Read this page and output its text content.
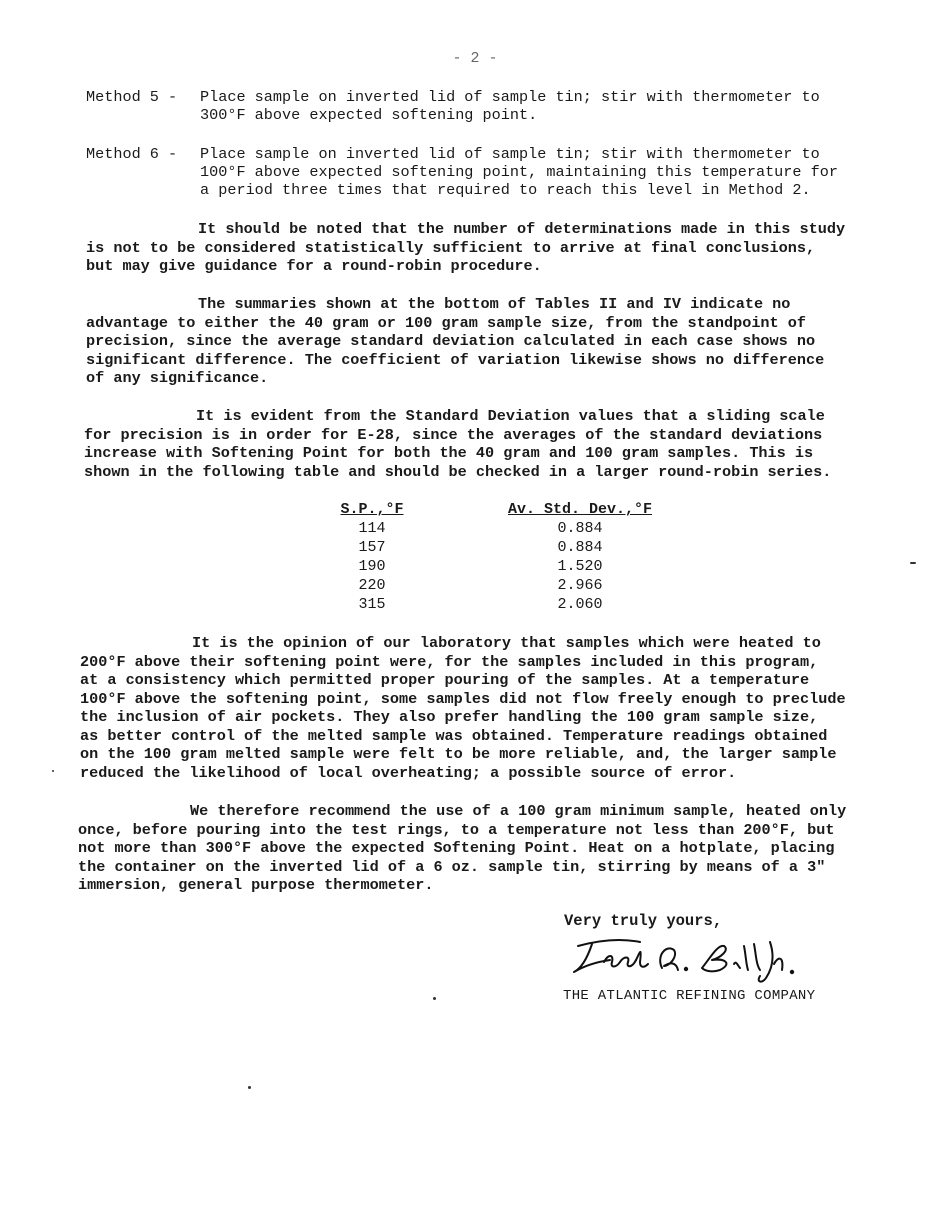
- 2 -
Method 5 - Place sample on inverted lid of sample tin; stir with thermometer to
300°F above expected softening point.
Method 6 - Place sample on inverted lid of sample tin; stir with thermometer to
100°F above expected softening point, maintaining this temperature for
a period three times that required to reach this level in Method 2.
It should be noted that the number of determinations made in this study
is not to be considered statistically sufficient to arrive at final conclusions,
but may give guidance for a round-robin procedure.
The summaries shown at the bottom of Tables II and IV indicate no
advantage to either the 40 gram or 100 gram sample size, from the standpoint of
precision, since the average standard deviation calculated in each case shows no
significant difference. The coefficient of variation likewise shows no difference
of any significance.
It is evident from the Standard Deviation values that a sliding scale
for precision is in order for E-28, since the averages of the standard deviations
increase with Softening Point for both the 40 gram and 100 gram samples. This is
shown in the following table and should be checked in a larger round-robin series.
S.P.,°F		Av. Std. Dev.,°F
114		0.884
157		0.884
190		1.520
220		2.966
315		2.060
It is the opinion of our laboratory that samples which were heated to
200°F above their softening point were, for the samples included in this program,
at a consistency which permitted proper pouring of the samples. At a temperature
100°F above the softening point, some samples did not flow freely enough to preclude
the inclusion of air pockets. They also prefer handling the 100 gram sample size,
as better control of the melted sample was obtained. Temperature readings obtained
on the 100 gram melted sample were felt to be more reliable, and, the larger sample
reduced the likelihood of local overheating; a possible source of error.
We therefore recommend the use of a 100 gram minimum sample, heated only
once, before pouring into the test rings, to a temperature not less than 200°F, but
not more than 300°F above the expected Softening Point. Heat on a hotplate, placing
the container on the inverted lid of a 6 oz. sample tin, stirring by means of a 3"
immersion, general purpose thermometer.
Very truly yours,
THE ATLANTIC REFINING COMPANY
